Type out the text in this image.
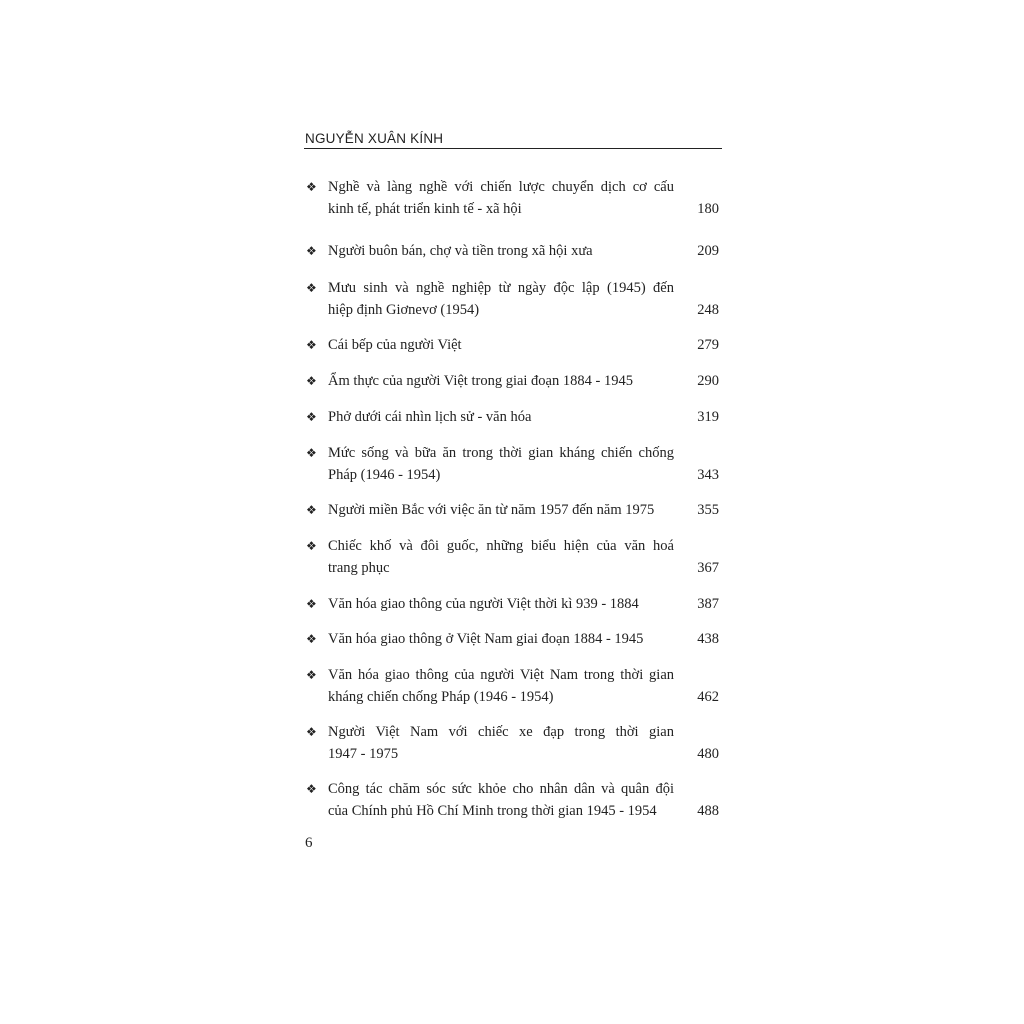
NGUYỄN XUÂN KÍNH
❖ Nghề và làng nghề với chiến lược chuyển dịch cơ cấu
kinh tế, phát triển kinh tế - xã hội	180
❖ Người buôn bán, chợ và tiền trong xã hội xưa	209
❖ Mưu sinh và nghề nghiệp từ ngày độc lập (1945) đến
hiệp định Giơnevơ (1954)	248
❖ Cái bếp của người Việt	279
❖ Ẩm thực của người Việt trong giai đoạn 1884 - 1945	290
❖ Phở dưới cái nhìn lịch sử - văn hóa	319
❖ Mức sống và bữa ăn trong thời gian kháng chiến chống
Pháp (1946 - 1954)	343
❖ Người miền Bắc với việc ăn từ năm 1957 đến năm 1975	355
❖ Chiếc khố và đôi guốc, những biểu hiện của văn hoá
trang phục	367
❖ Văn hóa giao thông của người Việt thời kì 939 - 1884	387
❖ Văn hóa giao thông ở Việt Nam giai đoạn 1884 - 1945	438
❖ Văn hóa giao thông của người Việt Nam trong thời gian
kháng chiến chống Pháp (1946 - 1954)	462
❖ Người Việt Nam với chiếc xe đạp trong thời gian
1947 - 1975	480
❖ Công tác chăm sóc sức khỏe cho nhân dân và quân đội
của Chính phủ Hồ Chí Minh trong thời gian 1945 - 1954	488
6
